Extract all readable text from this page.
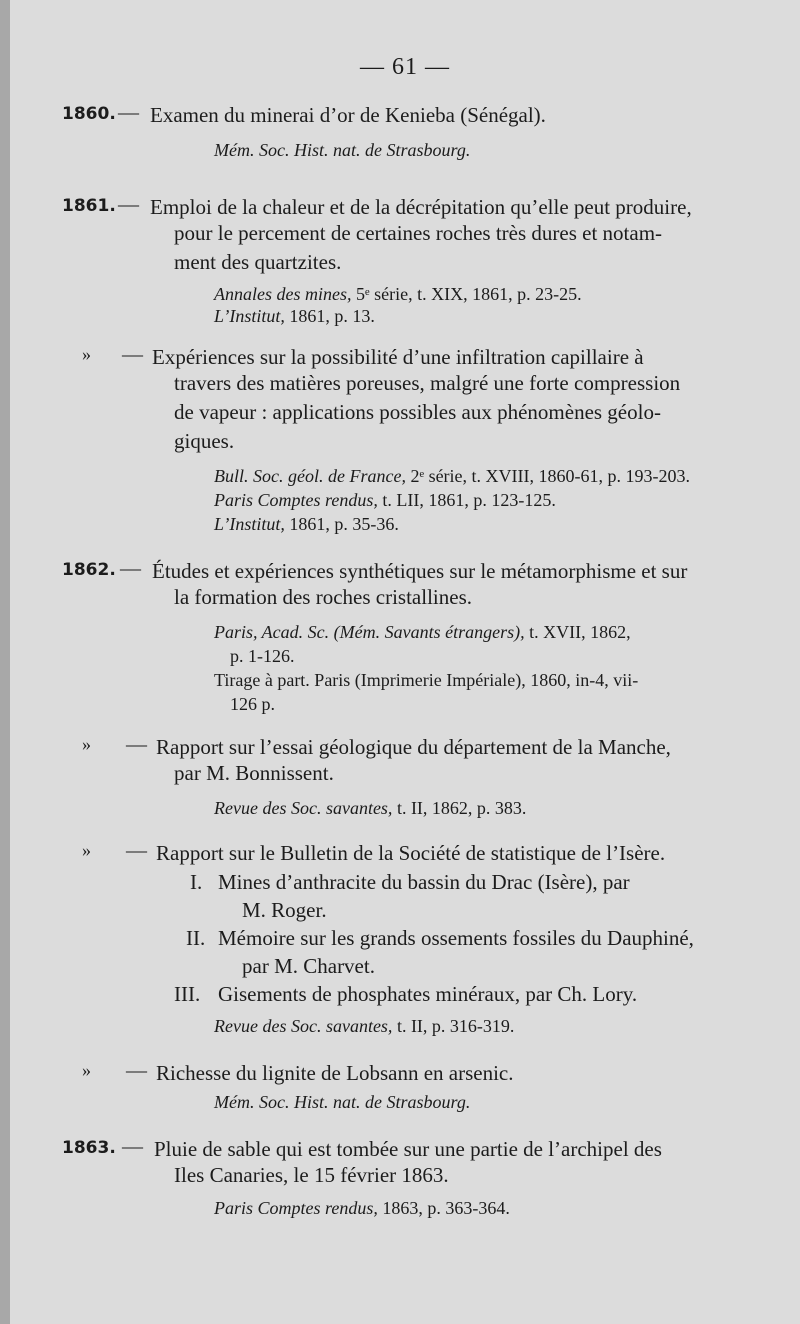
— 61 —
1860. — Examen du minerai d’or de Kenieba (Sénégal).
Mém. Soc. Hist. nat. de Strasbourg.
1861. — Emploi de la chaleur et de la décrépitation qu’elle peut produire,
pour le percement de certaines roches très dures et notam-
ment des quartzites.
Annales des mines, 5ᵉ série, t. XIX, 1861, p. 23-25.
L’Institut, 1861, p. 13.
» — Expériences sur la possibilité d’une infiltration capillaire à
travers des matières poreuses, malgré une forte compression
de vapeur : applications possibles aux phénomènes géolo-
giques.
Bull. Soc. géol. de France, 2ᵉ série, t. XVIII, 1860-61, p. 193-203.
Paris Comptes rendus, t. LII, 1861, p. 123-125.
L’Institut, 1861, p. 35-36.
1862. — Études et expériences synthétiques sur le métamorphisme et sur
la formation des roches cristallines.
Paris, Acad. Sc. (Mém. Savants étrangers), t. XVII, 1862,
p. 1-126.
Tirage à part. Paris (Imprimerie Impériale), 1860, in-4, vii-
126 p.
» — Rapport sur l’essai géologique du département de la Manche,
par M. Bonnissent.
Revue des Soc. savantes, t. II, 1862, p. 383.
» — Rapport sur le Bulletin de la Société de statistique de l’Isère.
I. Mines d’anthracite du bassin du Drac (Isère), par
M. Roger.
II. Mémoire sur les grands ossements fossiles du Dauphiné,
par M. Charvet.
III. Gisements de phosphates minéraux, par Ch. Lory.
Revue des Soc. savantes, t. II, p. 316-319.
» — Richesse du lignite de Lobsann en arsenic.
Mém. Soc. Hist. nat. de Strasbourg.
1863. — Pluie de sable qui est tombée sur une partie de l’archipel des
Iles Canaries, le 15 février 1863.
Paris Comptes rendus, 1863, p. 363-364.
